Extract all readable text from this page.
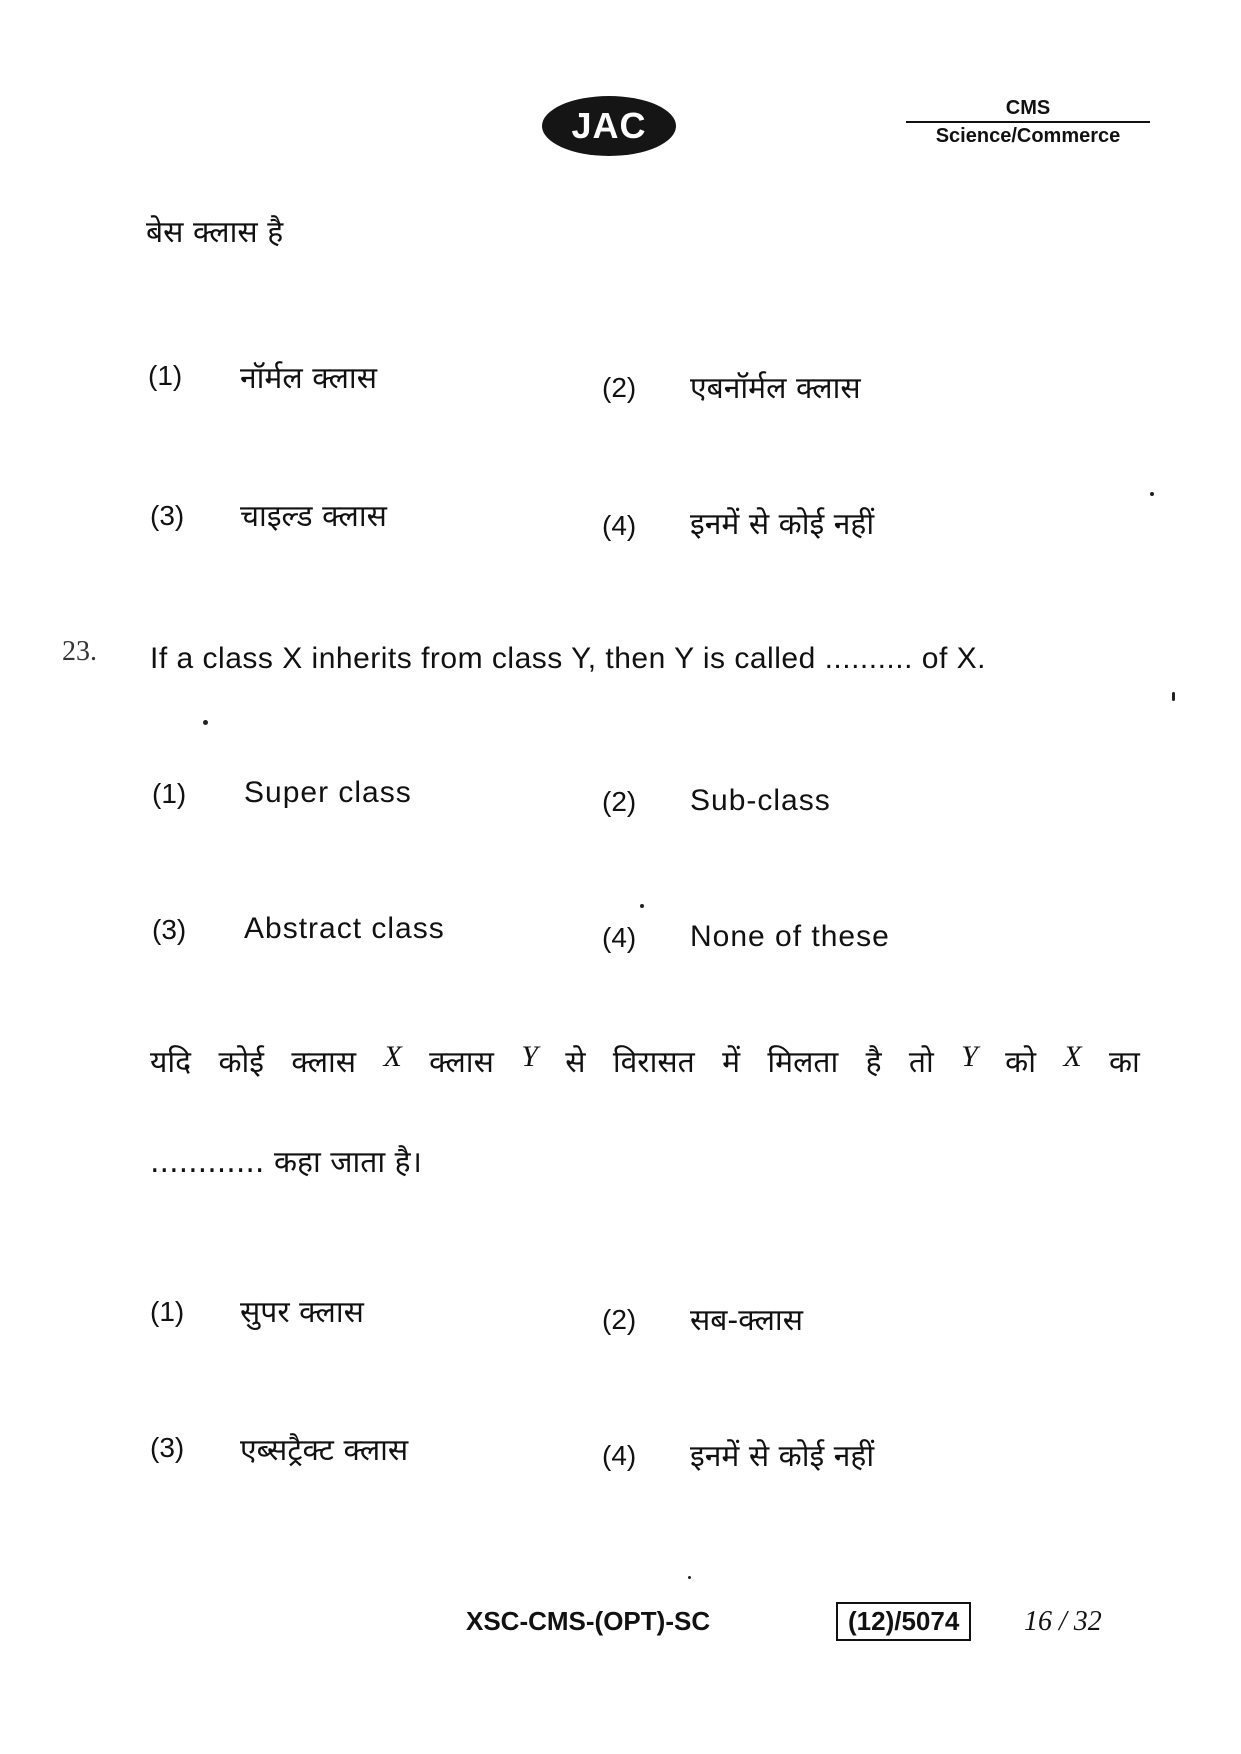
JAC	CMS
Science/Commerce
बेस क्लास है
(1) नॉर्मल क्लास	(2) एबनॉर्मल क्लास
(3) चाइल्ड क्लास	(4) इनमें से कोई नहीं
23. If a class X inherits from class Y, then Y is called .......... of X.
(1) Super class	(2) Sub-class
(3) Abstract class	(4) None of these
यदि कोई क्लास X क्लास Y से विरासत में मिलता है तो Y को X का
............ कहा जाता है।
(1) सुपर क्लास	(2) सब-क्लास
(3) एब्सट्रैक्ट क्लास	(4) इनमें से कोई नहीं
XSC-CMS-(OPT)-SC	(12)/5074	16 / 32
